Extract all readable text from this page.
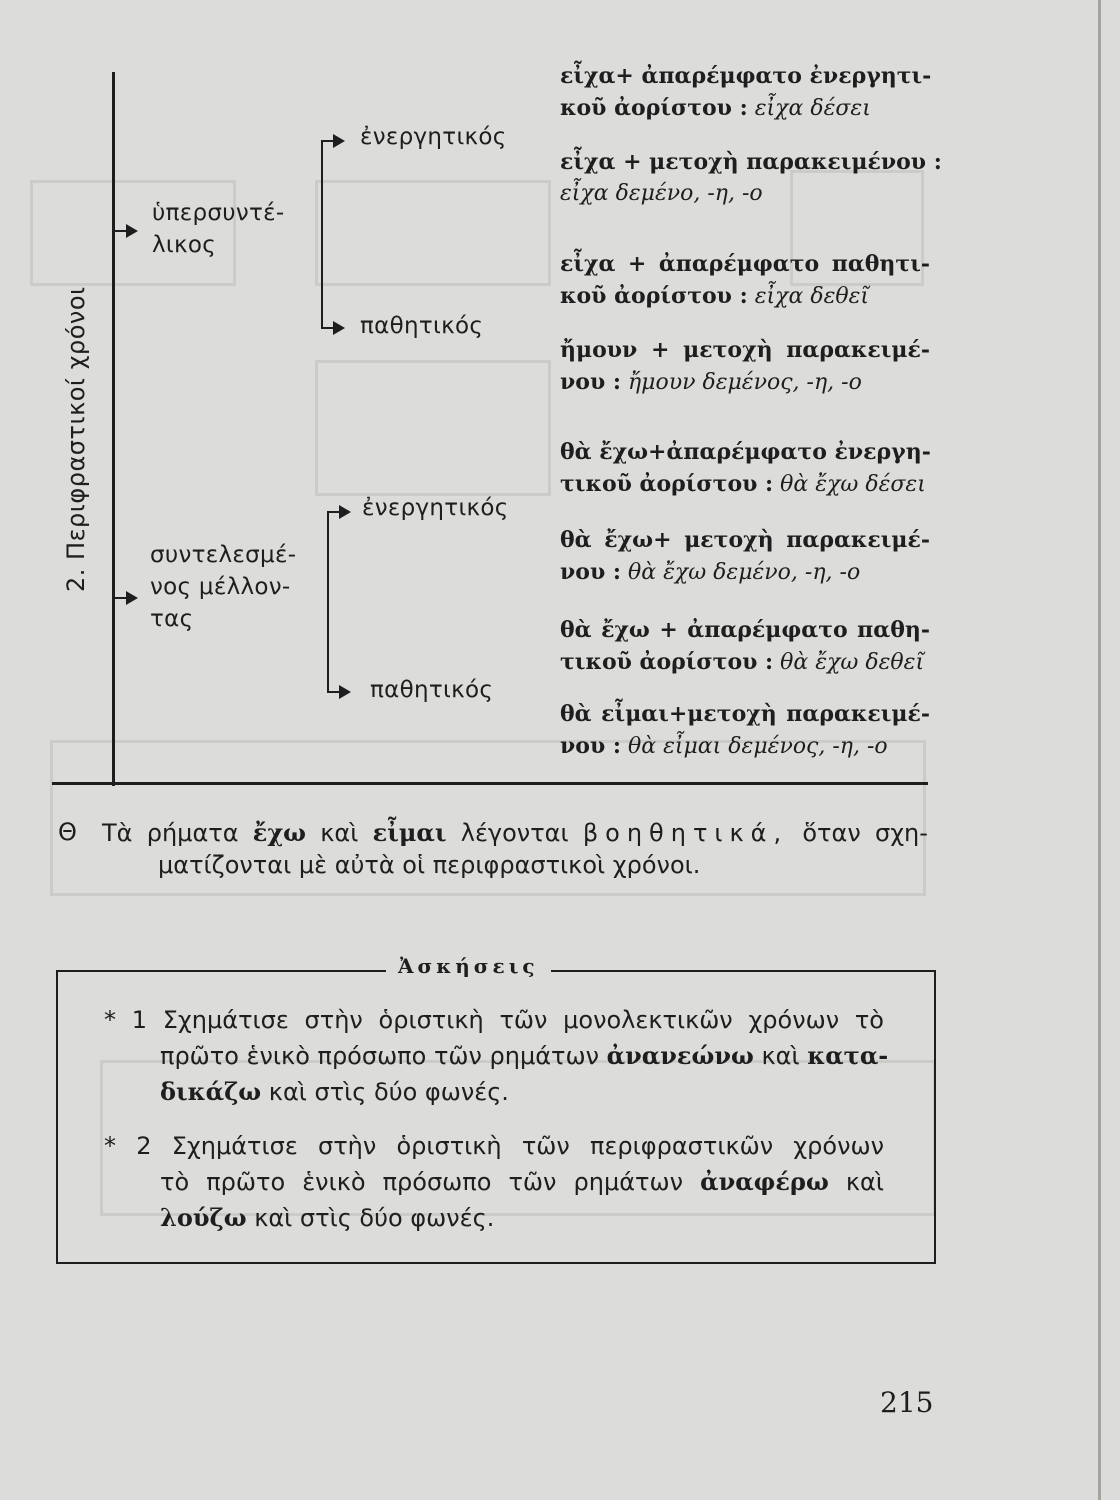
2. Περιφραστικοί χρόνοι
ὑπερσυντέ-
λικος
ἐνεργητικός
παθητικός
συντελεσμέ-
νος μέλλον-
τας
ἐνεργητικός
παθητικός
εἶχα+ ἀπαρέμφατο ἐνεργητι-
κοῦ ἀορίστου : εἶχα δέσει
εἶχα + μετοχὴ παρακειμένου :
εἶχα δεμένο, -η, -ο
εἶχα + ἀπαρέμφατο παθητι-
κοῦ ἀορίστου : εἶχα δεθεῖ
ἤμουν + μετοχὴ παρακειμέ-
νου : ἤμουν δεμένος, -η, -ο
θὰ ἔχω+ἀπαρέμφατο ἐνεργη-
τικοῦ ἀορίστου : θὰ ἔχω δέσει
θὰ ἔχω+ μετοχὴ παρακειμέ-
νου : θὰ ἔχω δεμένο, -η, -ο
θὰ ἔχω + ἀπαρέμφατο παθη-
τικοῦ ἀορίστου : θὰ ἔχω δεθεῖ
θὰ εἶμαι+μετοχὴ παρακειμέ-
νου : θὰ εἶμαι δεμένος, -η, -ο
Θ Τὰ ρήματα ἔχω καὶ εἶμαι λέγονται βοηθητικά, ὅταν σχη-
ματίζονται μὲ αὐτὰ οἱ περιφραστικοὶ χρόνοι.
Ἀσκήσεις
* 1 Σχημάτισε στὴν ὁριστικὴ τῶν μονολεκτικῶν χρόνων τὸ
πρῶτο ἑνικὸ πρόσωπο τῶν ρημάτων ἀνανεώνω καὶ κατα-
δικάζω καὶ στὶς δύο φωνές.
* 2 Σχημάτισε στὴν ὁριστικὴ τῶν περιφραστικῶν χρόνων
τὸ πρῶτο ἑνικὸ πρόσωπο τῶν ρημάτων ἀναφέρω καὶ
λούζω καὶ στὶς δύο φωνές.
215
